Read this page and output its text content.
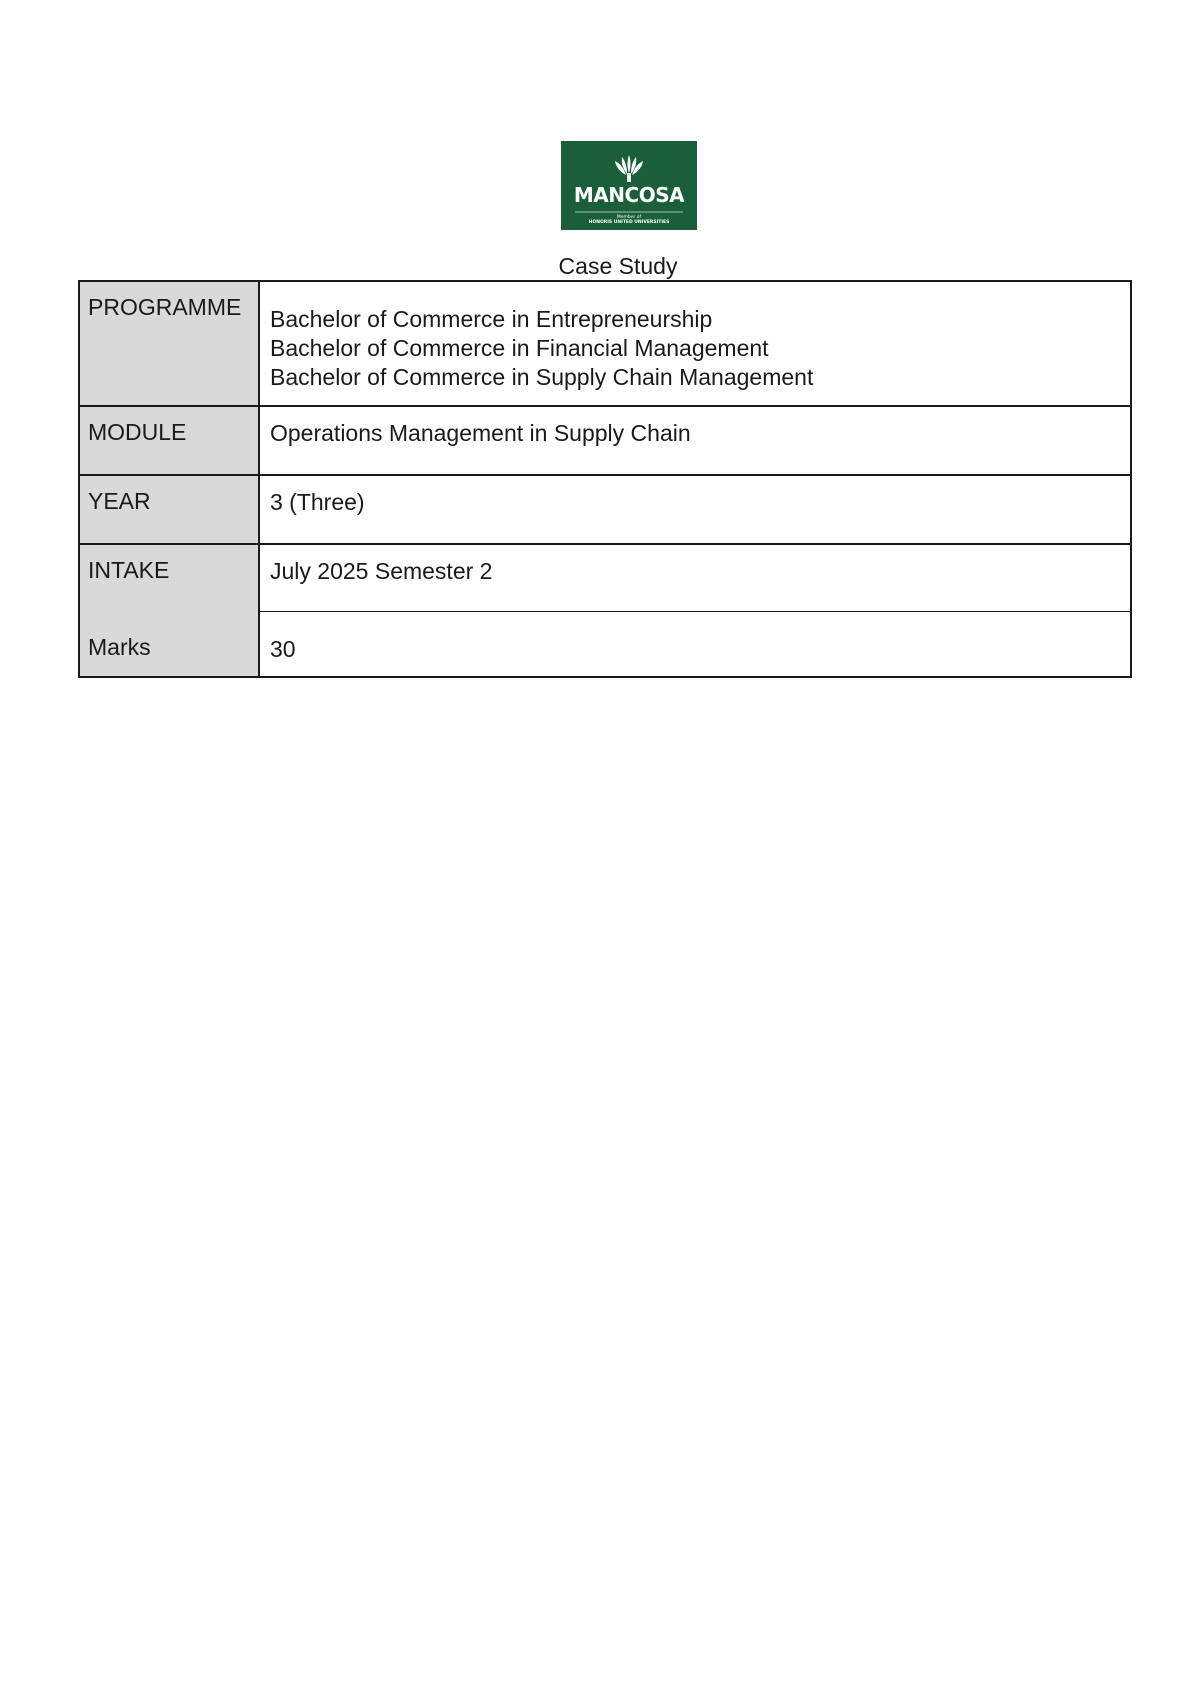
Member of
HONORIS UNITED UNIVERSITIES
MANCOSA
Case Study
PROGRAMME	Bachelor of Commerce in Entrepreneurship
Bachelor of Commerce in Financial Management
Bachelor of Commerce in Supply Chain Management
MODULE	Operations Management in Supply Chain
YEAR	3 (Three)
INTAKE	July 2025 Semester 2
Marks	30
